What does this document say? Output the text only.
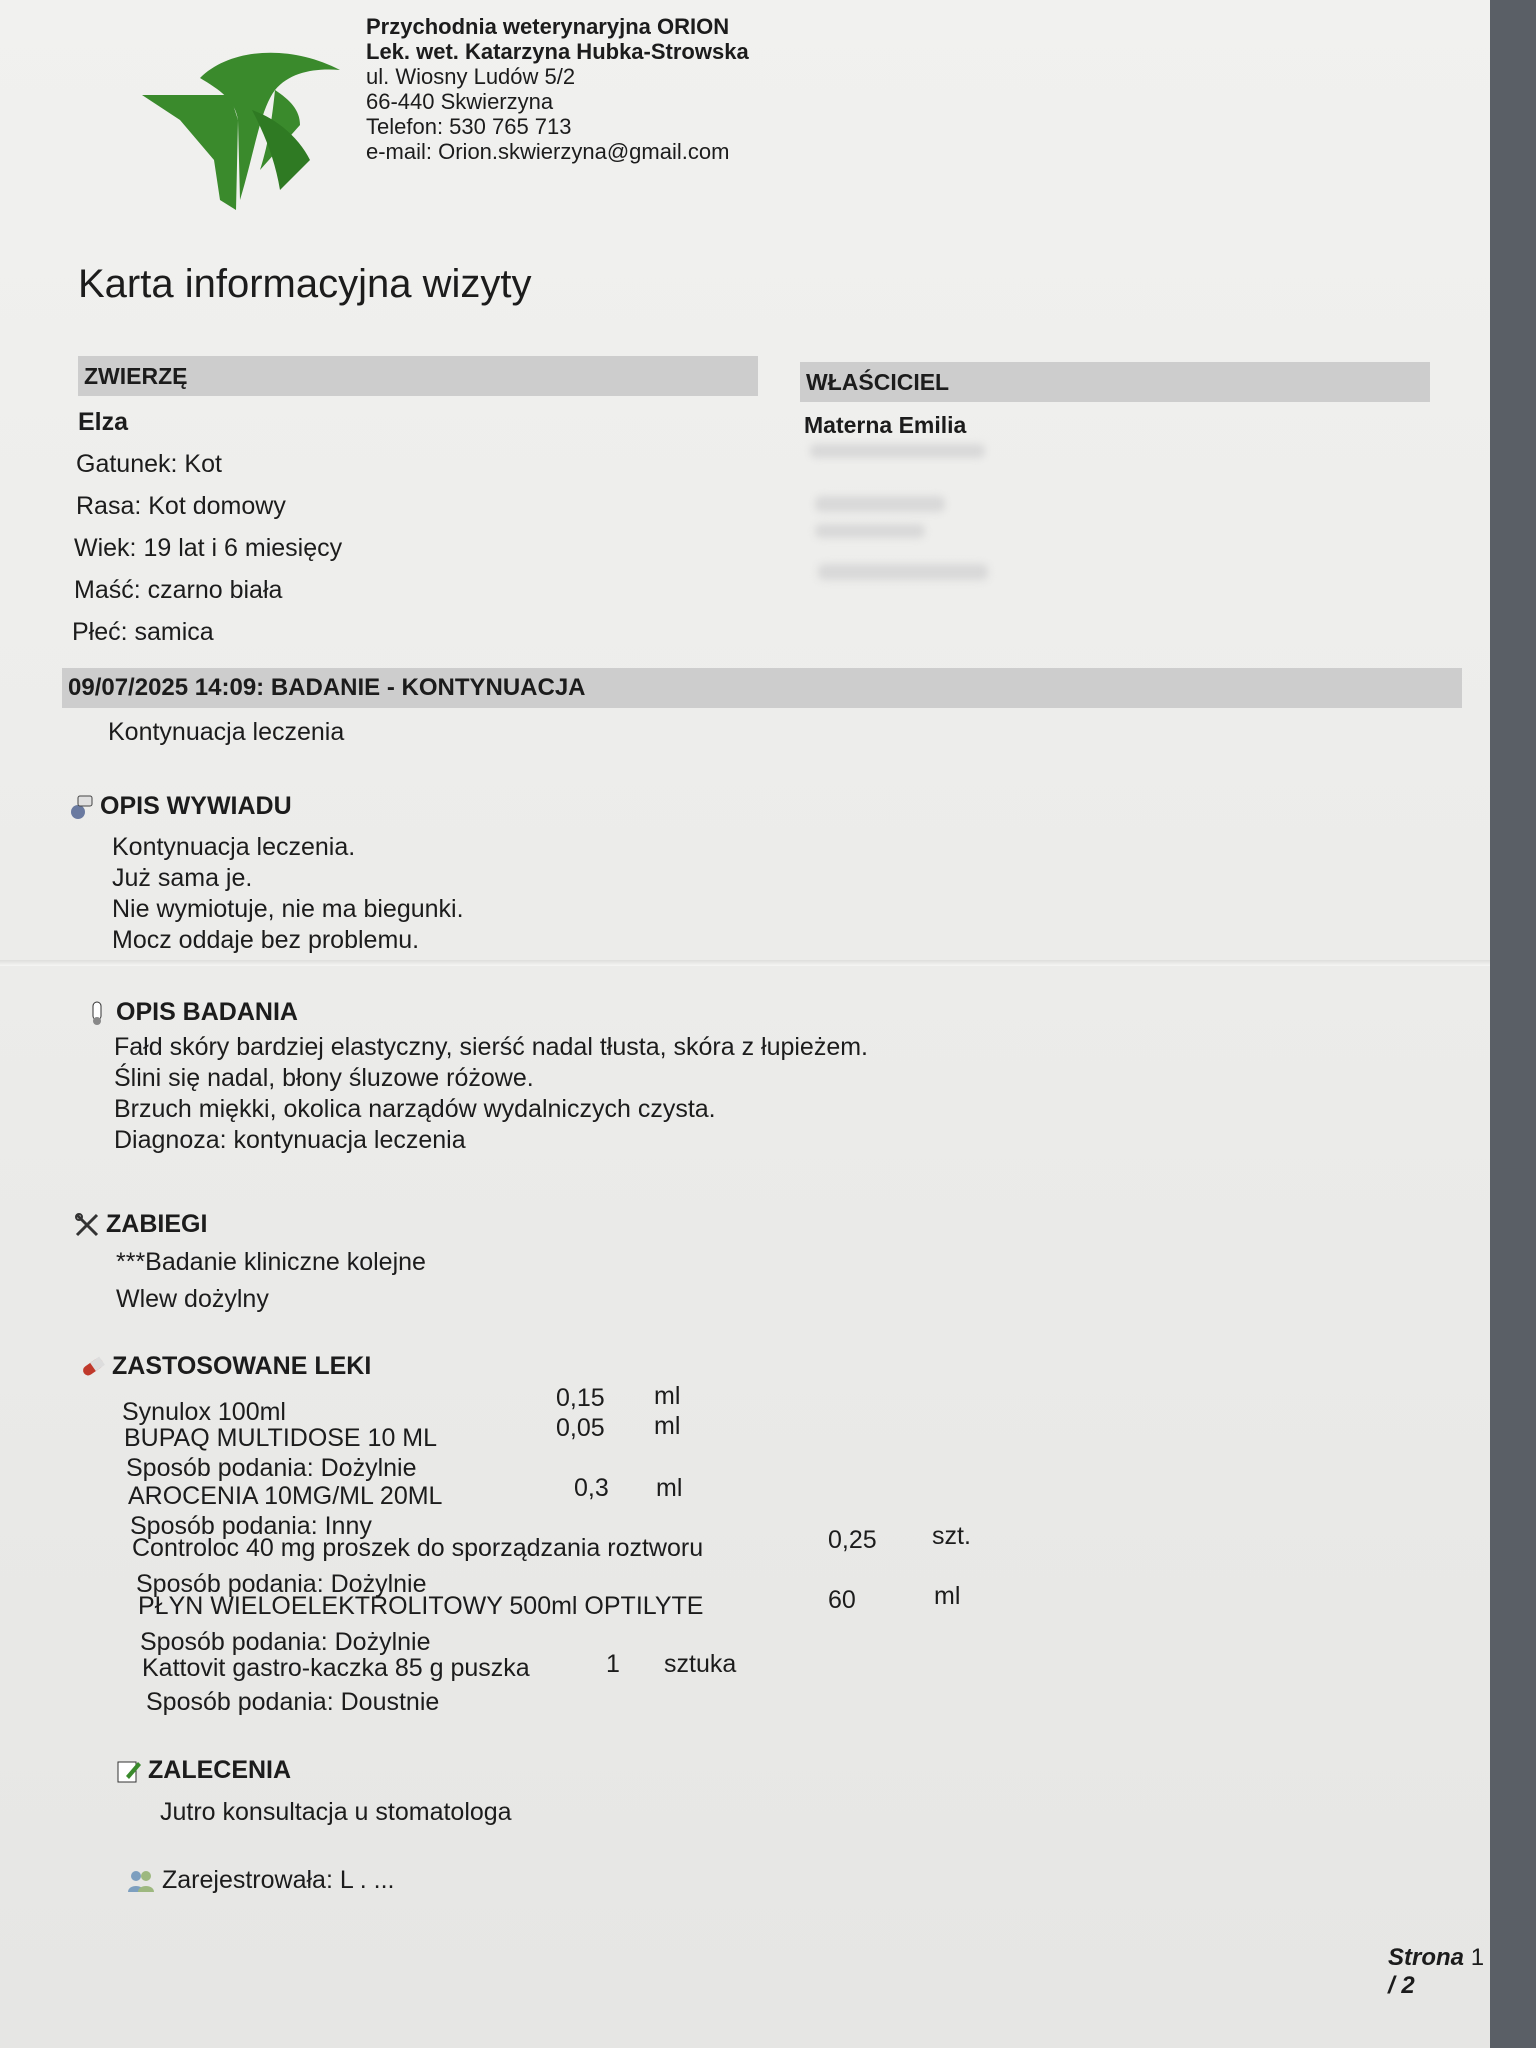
Przychodnia weterynaryjna ORION
Lek. wet. Katarzyna Hubka-Strowska
ul. Wiosny Ludów 5/2
66-440 Skwierzyna
Telefon: 530 765 713
e-mail: Orion.skwierzyna@gmail.com
Karta informacyjna wizyty
ZWIERZĘ
Elza
Gatunek: Kot
Rasa: Kot domowy
Wiek: 19 lat i 6 miesięcy
Maść: czarno biała
Płeć: samica
WŁAŚCICIEL
Materna Emilia
09/07/2025 14:09: BADANIE - KONTYNUACJA
Kontynuacja leczenia
OPIS WYWIADU
Kontynuacja leczenia.
Już sama je.
Nie wymiotuje, nie ma biegunki.
Mocz oddaje bez problemu.
OPIS BADANIA
Fałd skóry bardziej elastyczny, sierść nadal tłusta, skóra z łupieżem.
Ślini się nadal, błony śluzowe różowe.
Brzuch miękki, okolica narządów wydalniczych czysta.
Diagnoza: kontynuacja leczenia
ZABIEGI
***Badanie kliniczne kolejne
Wlew dożylny
ZASTOSOWANE LEKI
Synulox 100ml	0,15 ml
BUPAQ MULTIDOSE 10 ML	0,05 ml
Sposób podania: Dożylnie
AROCENIA 10MG/ML 20ML	0,3 ml
Sposób podania: Inny
Controloc 40 mg proszek do sporządzania roztworu	0,25 szt.
Sposób podania: Dożylnie
PŁYN WIELOELEKTROLITOWY 500ml OPTILYTE	60	ml
Sposób podania: Dożylnie
Kattovit gastro-kaczka 85 g puszka	1 sztuka
Sposób podania: Doustnie
ZALECENIA
Jutro konsultacja u stomatologa
Zarejestrowała: L . ...
Strona 1 / 2
